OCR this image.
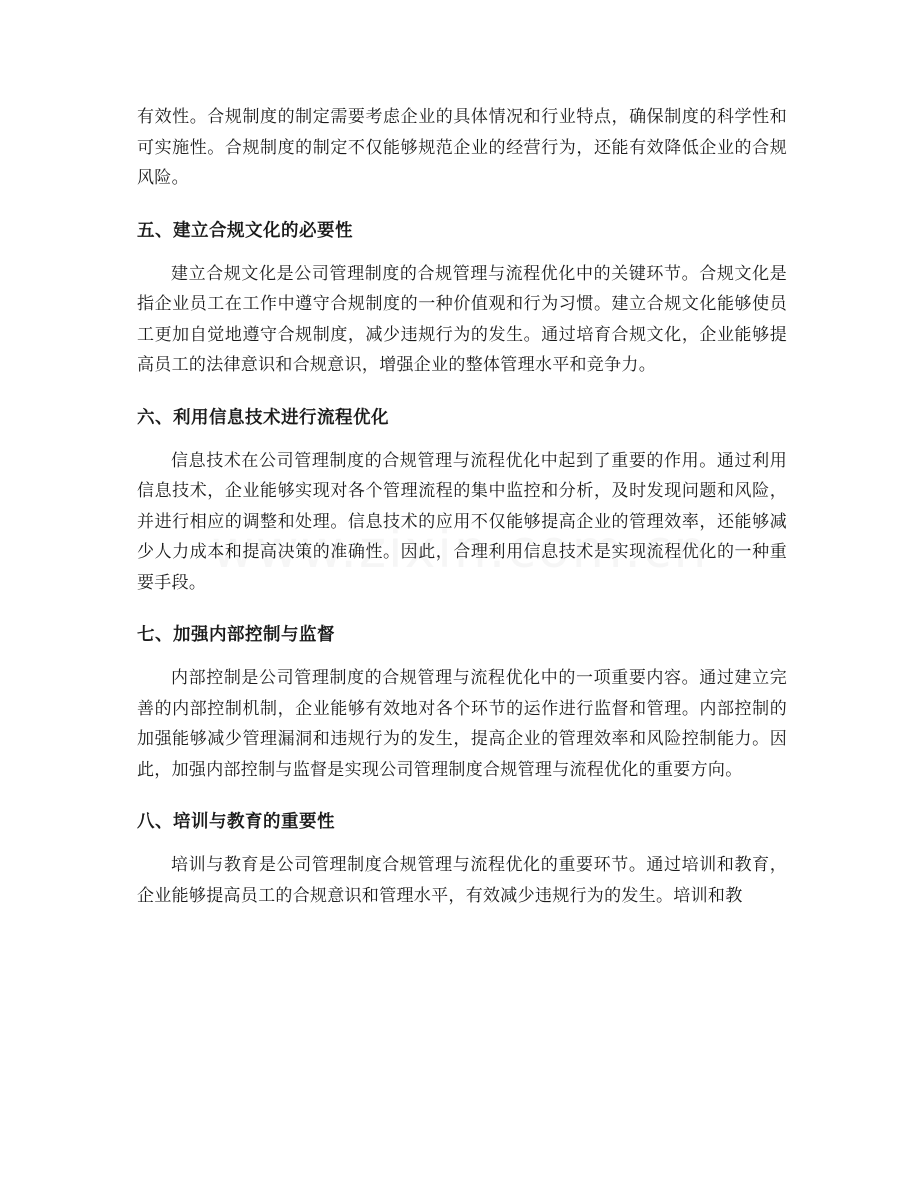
有效性。合规制度的制定需要考虑企业的具体情况和行业特点，确保制度的科学性和可实施性。合规制度的制定不仅能够规范企业的经营行为，还能有效降低企业的合规风险。

五、建立合规文化的必要性

建立合规文化是公司管理制度的合规管理与流程优化中的关键环节。合规文化是指企业员工在工作中遵守合规制度的一种价值观和行为习惯。建立合规文化能够使员工更加自觉地遵守合规制度，减少违规行为的发生。通过培育合规文化，企业能够提高员工的法律意识和合规意识，增强企业的整体管理水平和竞争力。

六、利用信息技术进行流程优化

信息技术在公司管理制度的合规管理与流程优化中起到了重要的作用。通过利用信息技术，企业能够实现对各个管理流程的集中监控和分析，及时发现问题和风险，并进行相应的调整和处理。信息技术的应用不仅能够提高企业的管理效率，还能够减少人力成本和提高决策的准确性。因此，合理利用信息技术是实现流程优化的一种重要手段。

七、加强内部控制与监督

内部控制是公司管理制度的合规管理与流程优化中的一项重要内容。通过建立完善的内部控制机制，企业能够有效地对各个环节的运作进行监督和管理。内部控制的加强能够减少管理漏洞和违规行为的发生，提高企业的管理效率和风险控制能力。因此，加强内部控制与监督是实现公司管理制度合规管理与流程优化的重要方向。

八、培训与教育的重要性

培训与教育是公司管理制度合规管理与流程优化的重要环节。通过培训和教育，企业能够提高员工的合规意识和管理水平，有效减少违规行为的发生。培训和教
